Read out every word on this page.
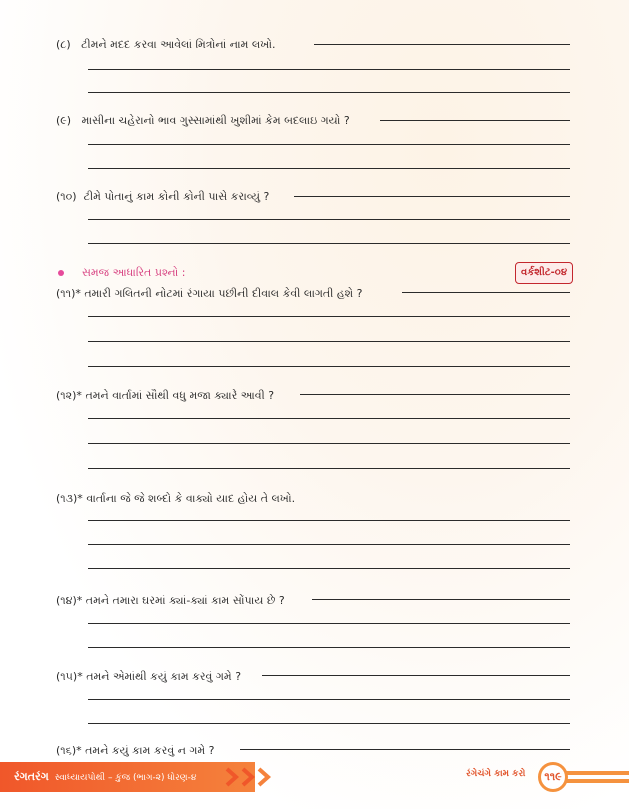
(૮) ટીમને મદદ કરવા આવેલાં મિત્રોનાં નામ લખો.
(૯) માસીના ચહેરાનો ભાવ ગુસ્સામાંથી ખુશીમાં કેમ બદલાઇ ગયો ?
(૧૦) ટીમે પોતાનું કામ કોની કોની પાસે કરાવ્યું ?
સમજ આધારિત પ્રશ્નો :	વર્કશીટ-૦૪
(૧૧)* તમારી ગલિતની નોટમાં રંગાયા પછીની દીવાલ કેવી લાગતી હશે ?
(૧૨)* તમને વાર્તામાં સૌથી વધુ મજા ક્યારે આવી ?
(૧૩)* વાર્તાના જે જે શબ્દો કે વાક્યો યાદ હોય તે લખો.
(૧૪)* તમને તમારા ઘરમાં ક્યાં-ક્યાં કામ સોંપાય છે ?
(૧૫)* તમને એમાંથી કયું કામ કરવું ગમે ?
(૧૬)* તમને કયું કામ કરવું ન ગમે ?
રંગતરંગ સ્વાધ્યાયપોથી – કુંજ (ભાગ-૨) ધોરણ-૪	રંગેચંગે કામ કરો	૧૧૯
